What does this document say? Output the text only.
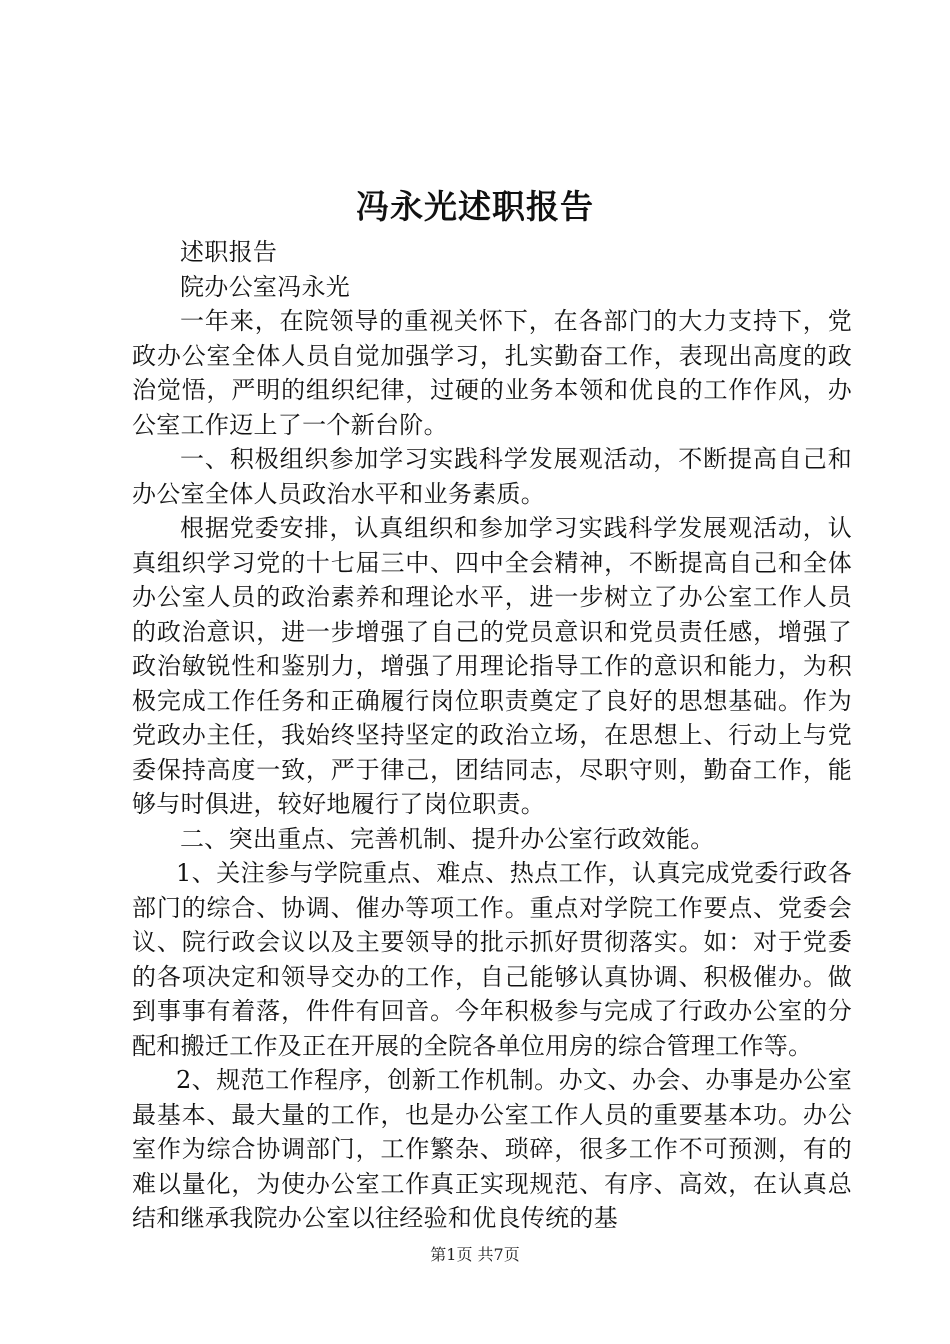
冯永光述职报告

述职报告

院办公室冯永光

一年来，在院领导的重视关怀下，在各部门的大力支持下，党政办公室全体人员自觉加强学习，扎实勤奋工作，表现出高度的政治觉悟，严明的组织纪律，过硬的业务本领和优良的工作作风，办公室工作迈上了一个新台阶。

一、积极组织参加学习实践科学发展观活动，不断提高自己和办公室全体人员政治水平和业务素质。

根据党委安排，认真组织和参加学习实践科学发展观活动，认真组织学习党的十七届三中、四中全会精神，不断提高自己和全体办公室人员的政治素养和理论水平，进一步树立了办公室工作人员的政治意识，进一步增强了自己的党员意识和党员责任感，增强了政治敏锐性和鉴别力，增强了用理论指导工作的意识和能力，为积极完成工作任务和正确履行岗位职责奠定了良好的思想基础。作为党政办主任，我始终坚持坚定的政治立场，在思想上、行动上与党委保持高度一致，严于律己，团结同志，尽职守则，勤奋工作，能够与时俱进，较好地履行了岗位职责。

二、突出重点、完善机制、提升办公室行政效能。

1、关注参与学院重点、难点、热点工作，认真完成党委行政各部门的综合、协调、催办等项工作。重点对学院工作要点、党委会议、院行政会议以及主要领导的批示抓好贯彻落实。如：对于党委的各项决定和领导交办的工作，自己能够认真协调、积极催办。做到事事有着落，件件有回音。今年积极参与完成了行政办公室的分配和搬迁工作及正在开展的全院各单位用房的综合管理工作等。

2、规范工作程序，创新工作机制。办文、办会、办事是办公室最基本、最大量的工作，也是办公室工作人员的重要基本功。办公室作为综合协调部门，工作繁杂、琐碎，很多工作不可预测，有的难以量化，为使办公室工作真正实现规范、有序、高效，在认真总结和继承我院办公室以往经验和优良传统的基

第1页 共7页
